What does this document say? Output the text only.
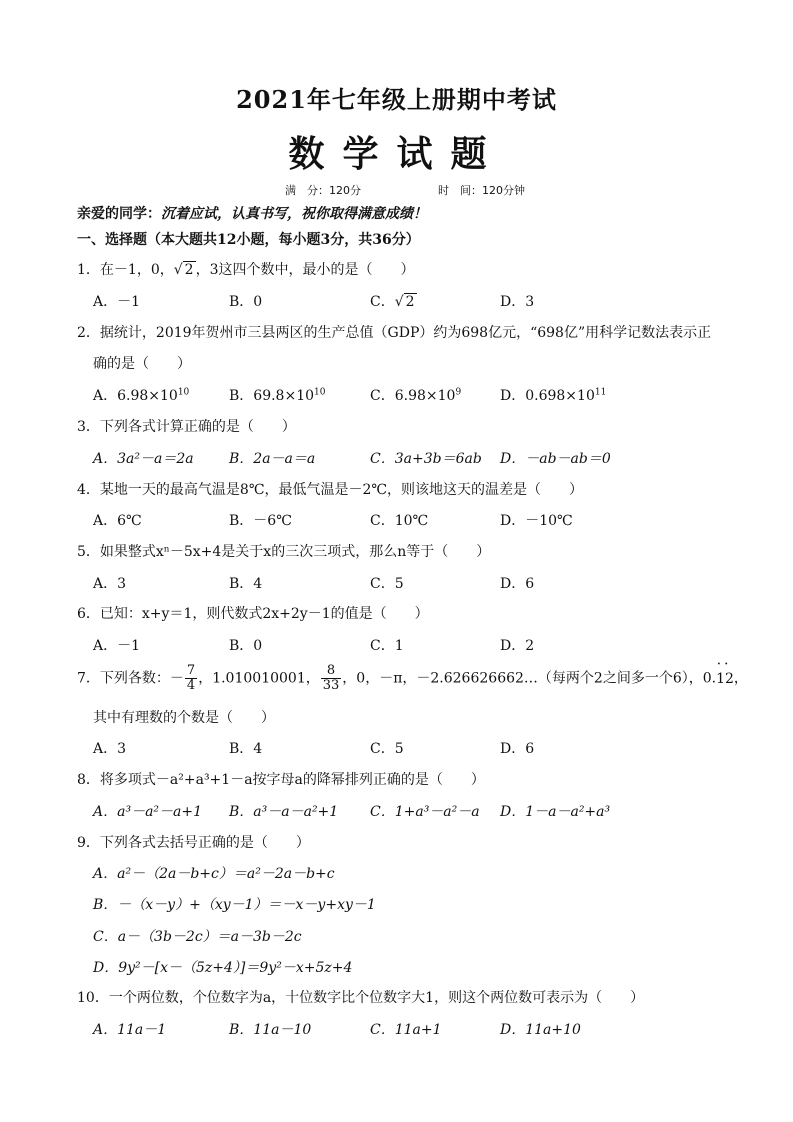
2021年七年级上册期中考试
数学试题
满　分：120分	时　间：120分钟
亲爱的同学：沉着应试，认真书写，祝你取得满意成绩！
一、选择题（本大题共12小题，每小题3分，共36分）
1．在－1，0，√ 2 ，3这四个数中，最小的是（　　）
A．－1	B．0	C．√ 2	D．3
2．据统计，2019年贺州市三县两区的生产总值（GDP）约为698亿元，“698亿”用科学记数法表示正
确的是（　　）
A．$6.98\times 10^{10}$	B．$69.8\times 10^{10}$	C．$6.98\times 10^9$	D．$0.698\times 10^{11}$
3．下列各式计算正确的是（　　）
A．3a²－a＝2a	B．2a－a＝a	C．3a+3b＝6ab D．－ab－ab＝0
4．某地一天的最高气温是8℃，最低气温是－2℃，则该地这天的温差是（　　）
A．6℃	B．－6℃	C．10℃	D．－10℃
5．如果整式xⁿ－5x+4是关于x的三次三项式，那么n等于（　　）
A．3	B．4	C．5	D．6
6．已知：x+y＝1，则代数式2x+2y－1的值是（　　）
A．－1	B．0	C．1	D．2
7．下列各数：－ $\frac{7}{4}$ ，1.010010001， $\frac{8}{33}$ ，0，－π，－2.626626662…（每两个2之间多一个6），0.• • 12，
其中有理数的个数是（　　）
A．3	B．4	C．5	D．6
8．将多项式－a²+a³+1－a按字母a的降幂排列正确的是（　　）
A．a³－a²－a+1 B．a³－a－a²+1 C．1+a³－a²－a D．1－a－a²+a³
9．下列各式去括号正确的是（　　）
A．a²－（2a－b+c）＝a²－2a－b+c
B．－（x－y）+（xy－1）＝－x－y+xy－1
C．a－（3b－2c）＝a－3b－2c
D．9y²－[x－（5z+4）]＝9y²－x+5z+4
10．一个两位数，个位数字为a，十位数字比个位数字大1，则这个两位数可表示为（　　）
A．11a－1	B．11a－10	C．11a+1	D．11a+10
